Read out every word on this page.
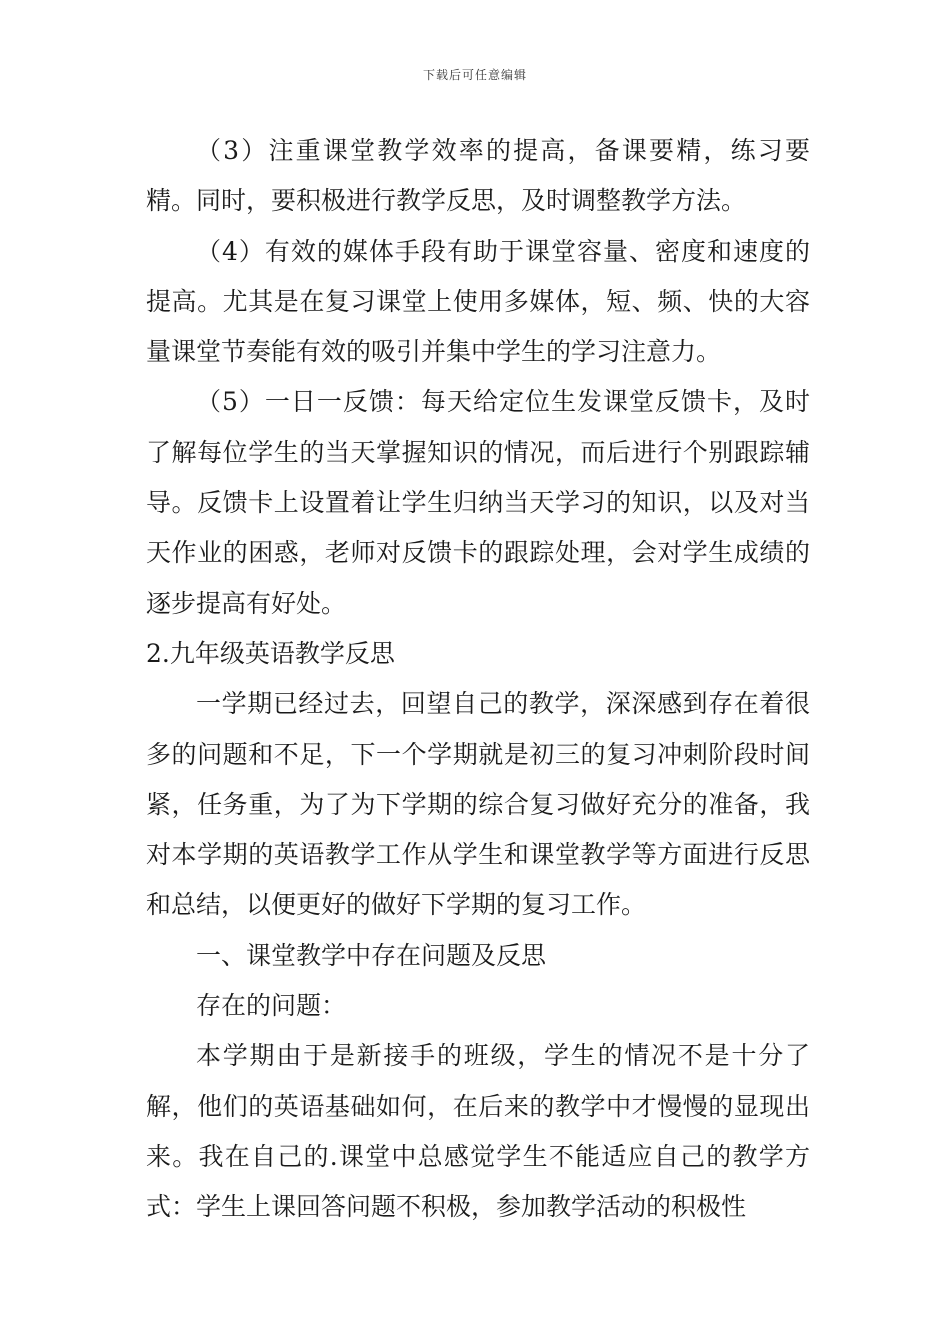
下载后可任意编辑

（3）注重课堂教学效率的提高，备课要精，练习要精。同时，要积极进行教学反思，及时调整教学方法。

（4）有效的媒体手段有助于课堂容量、密度和速度的提高。尤其是在复习课堂上使用多媒体，短、频、快的大容量课堂节奏能有效的吸引并集中学生的学习注意力。

（5）一日一反馈：每天给定位生发课堂反馈卡，及时了解每位学生的当天掌握知识的情况，而后进行个别跟踪辅导。反馈卡上设置着让学生归纳当天学习的知识，以及对当天作业的困惑，老师对反馈卡的跟踪处理，会对学生成绩的逐步提高有好处。

2.九年级英语教学反思

一学期已经过去，回望自己的教学，深深感到存在着很多的问题和不足，下一个学期就是初三的复习冲刺阶段时间紧，任务重，为了为下学期的综合复习做好充分的准备，我对本学期的英语教学工作从学生和课堂教学等方面进行反思和总结，以便更好的做好下学期的复习工作。

一、课堂教学中存在问题及反思

存在的问题：

本学期由于是新接手的班级，学生的情况不是十分了解，他们的英语基础如何，在后来的教学中才慢慢的显现出来。我在自己的.课堂中总感觉学生不能适应自己的教学方式：学生上课回答问题不积极，参加教学活动的积极性
